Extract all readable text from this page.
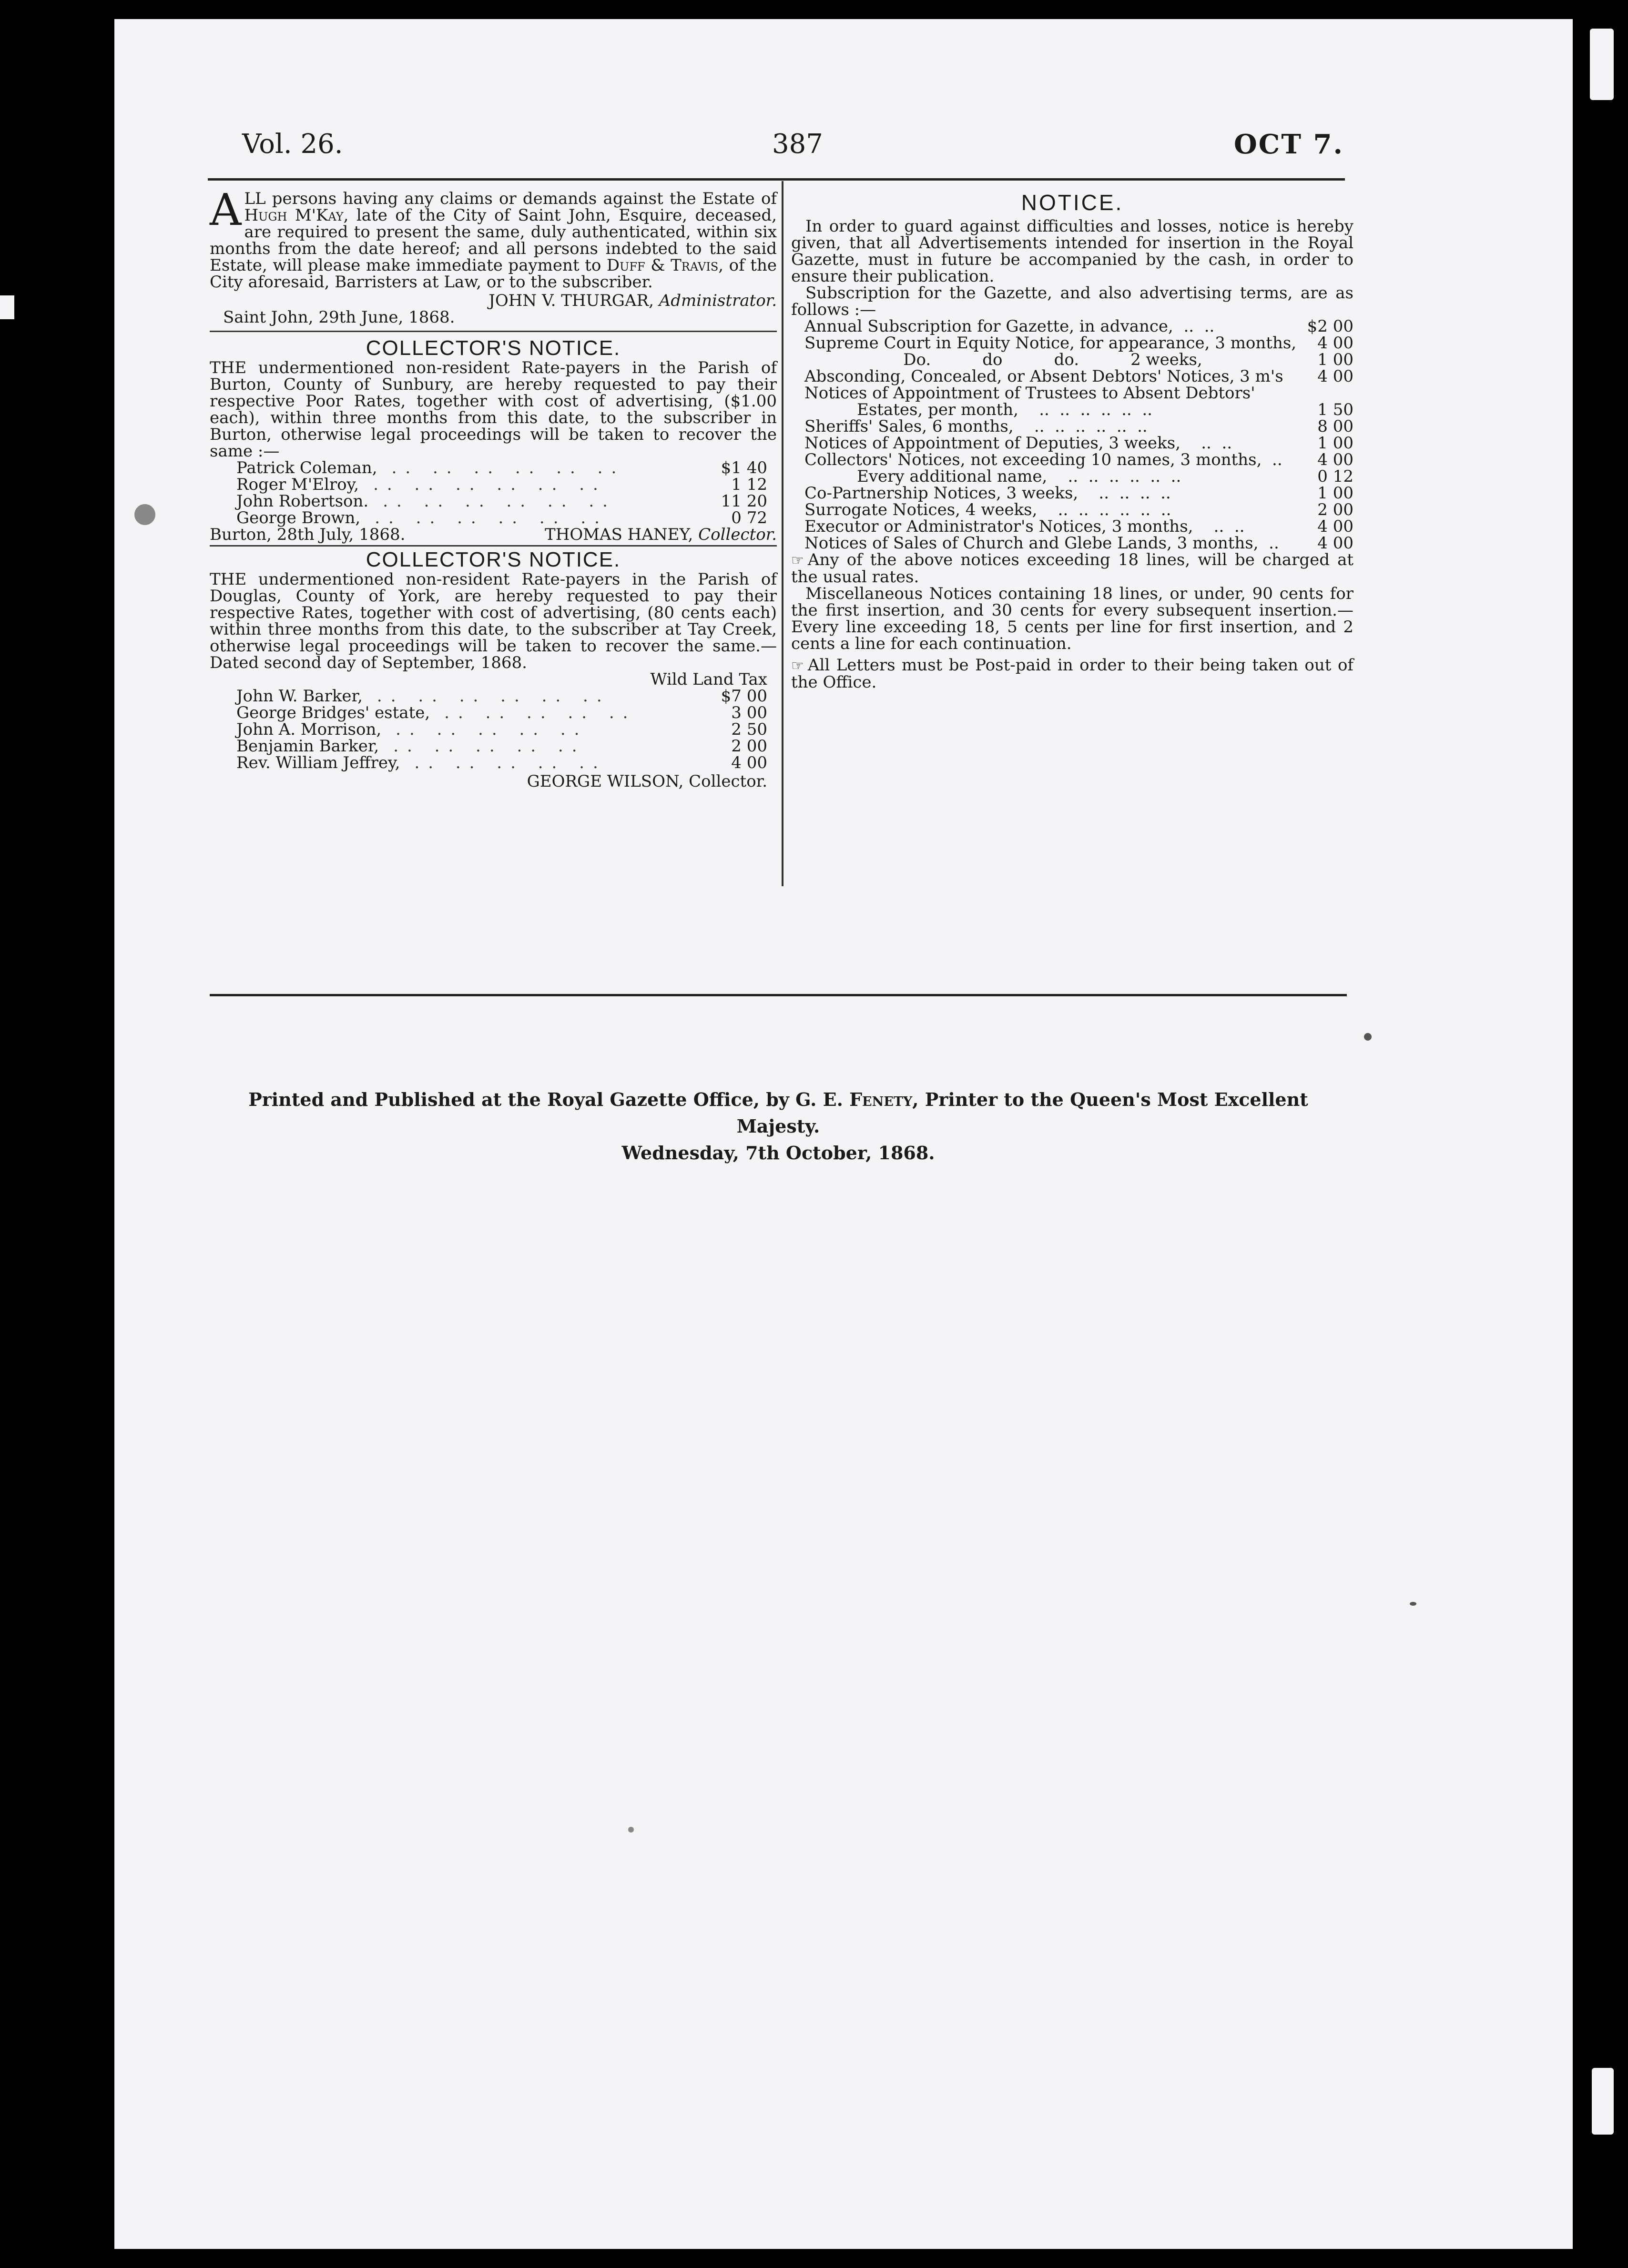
Vol. 26.	387	OCT 7.

ALL persons having any claims or demands against the Estate of Hugh M'Kay, late of the City of Saint John, Esquire, deceased, are required to present the same, duly authenticated, within six months from the date hereof; and all persons indebted to the said Estate, will please make immediate payment to Duff & Travis, of the City aforesaid, Barristers at Law, or to the subscriber.

JOHN V. THURGAR, Administrator.
Saint John, 29th June, 1868.
COLLECTOR'S NOTICE.

THE undermentioned non-resident Rate-payers in the Parish of Burton, County of Sunbury, are hereby requested to pay their respective Poor Rates, together with cost of advertising, ($1.00 each), within three months from this date, to the subscriber in Burton, otherwise legal proceedings will be taken to recover the same :—

Patrick Coleman, .. .. .. .. .. ..	$1 40
Roger M'Elroy, .. .. .. .. .. ..	1 12
John Robertson. .. .. .. .. .. ..	11 20
George Brown, .. .. .. .. .. ..	0 72
Burton, 28th July, 1868.	THOMAS HANEY, Collector.
COLLECTOR'S NOTICE.

THE undermentioned non-resident Rate-payers in the Parish of Douglas, County of York, are hereby requested to pay their respective Rates, together with cost of advertising, (80 cents each) within three months from this date, to the subscriber at Tay Creek, otherwise legal proceedings will be taken to recover the same.—Dated second day of September, 1868.

Wild Land Tax
John W. Barker, .. .. .. .. .. ..	$7 00
George Bridges' estate, .. .. .. .. ..	3 00
John A. Morrison, .. .. .. .. ..	2 50
Benjamin Barker, .. .. .. .. ..	2 00
Rev. William Jeffrey, .. .. .. .. ..	4 00
GEORGE WILSON, Collector.
NOTICE.

In order to guard against difficulties and losses, notice is hereby given, that all Advertisements intended for insertion in the Royal Gazette, must in future be accompanied by the cash, in order to ensure their publication.

Subscription for the Gazette, and also advertising terms, are as follows :—

Annual Subscription for Gazette, in advance,  ..  ..	$2 00
Supreme Court in Equity Notice, for appearance, 3 months,	4 00
Do.          do          do.          2 weeks,	1 00
Absconding, Concealed, or Absent Debtors' Notices, 3 m's	4 00
Notices of Appointment of Trustees to Absent Debtors'
Estates, per month,    ..  ..  ..  ..  ..  ..	1 50
Sheriffs' Sales, 6 months,    ..  ..  ..  ..  ..  ..	8 00
Notices of Appointment of Deputies, 3 weeks,    ..  ..	1 00
Collectors' Notices, not exceeding 10 names, 3 months,  ..	4 00
Every additional name,    ..  ..  ..  ..  ..  ..	0 12
Co-Partnership Notices, 3 weeks,    ..  ..  ..  ..	1 00
Surrogate Notices, 4 weeks,    ..  ..  ..  ..  ..  ..	2 00
Executor or Administrator's Notices, 3 months,    ..  ..	4 00
Notices of Sales of Church and Glebe Lands, 3 months,  ..	4 00

☞ Any of the above notices exceeding 18 lines, will be charged at the usual rates.

Miscellaneous Notices containing 18 lines, or under, 90 cents for the first insertion, and 30 cents for every subsequent insertion.— Every line exceeding 18, 5 cents per line for first insertion, and 2 cents a line for each continuation.

☞ All Letters must be Post-paid in order to their being taken out of the Office.

Printed and Published at the Royal Gazette Office, by G. E. Fenety, Printer to the Queen's Most Excellent Majesty.
Wednesday, 7th October, 1868.
